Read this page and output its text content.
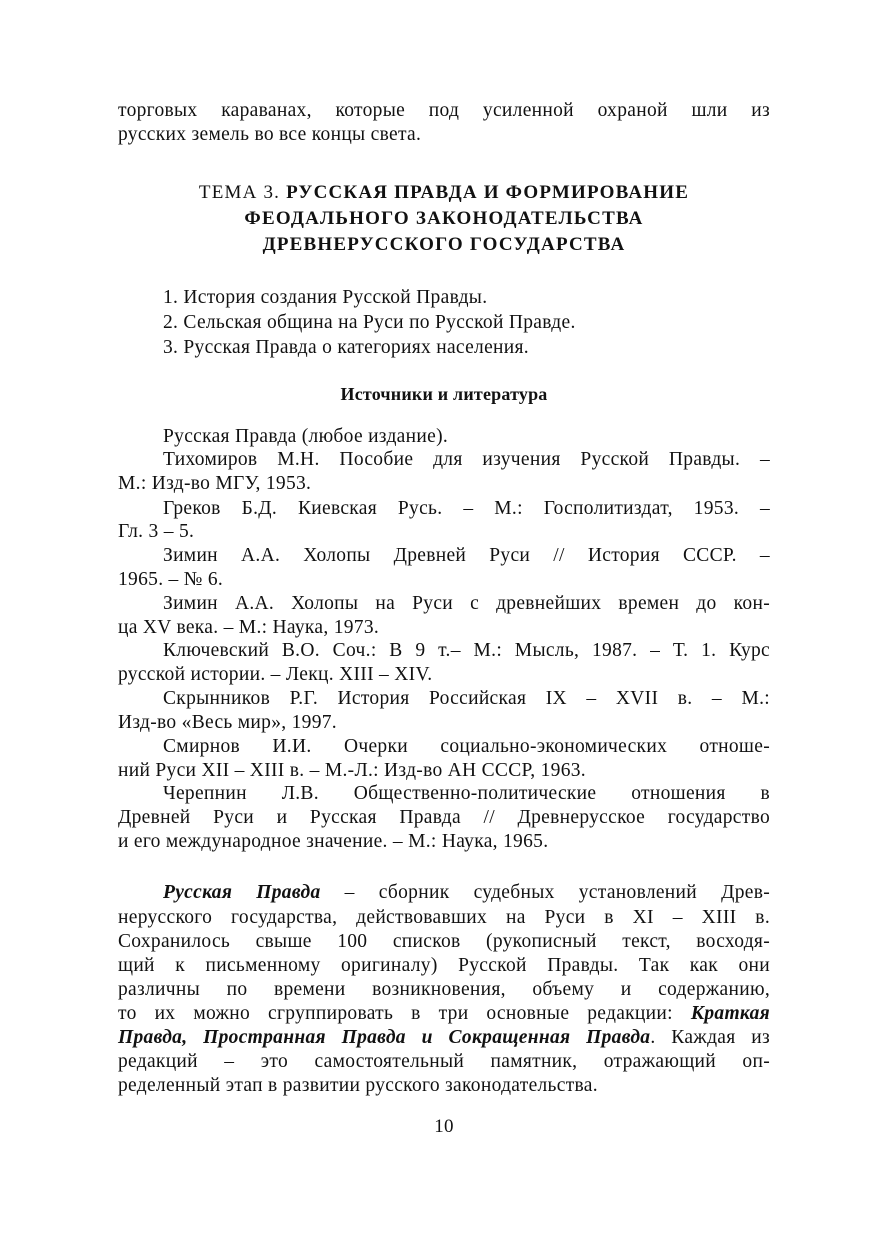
торговых караванах, которые под усиленной охраной шли из
русских земель во все концы света.
ТЕМА 3. РУССКАЯ ПРАВДА И ФОРМИРОВАНИЕ
ФЕОДАЛЬНОГО ЗАКОНОДАТЕЛЬСТВА
ДРЕВНЕРУССКОГО ГОСУДАРСТВА
1. История создания Русской Правды.
2. Сельская община на Руси по Русской Правде.
3. Русская Правда о категориях населения.
Источники и литература
Русская Правда (любое издание).
Тихомиров М.Н. Пособие для изучения Русской Правды. –
М.: Изд-во МГУ, 1953.
Греков Б.Д. Киевская Русь. – М.: Госполитиздат, 1953. –
Гл. 3 – 5.
Зимин А.А. Холопы Древней Руси // История СССР. –
1965. – № 6.
Зимин А.А. Холопы на Руси с древнейших времен до кон-
ца XV века. – М.: Наука, 1973.
Ключевский В.О. Соч.: В 9 т.– М.: Мысль, 1987. – Т. 1. Курс
русской истории. – Лекц. XIII – XIV.
Скрынников Р.Г. История Российская IX – XVII в. – М.:
Изд-во «Весь мир», 1997.
Смирнов И.И. Очерки социально-экономических отноше-
ний Руси XII – XIII в. – М.-Л.: Изд-во АН СССР, 1963.
Черепнин Л.В. Общественно-политические отношения в
Древней Руси и Русская Правда // Древнерусское государство
и его международное значение. – М.: Наука, 1965.
Русская Правда – сборник судебных установлений Древ-
нерусского государства, действовавших на Руси в XI – XIII в.
Сохранилось свыше 100 списков (рукописный текст, восходя-
щий к письменному оригиналу) Русской Правды. Так как они
различны по времени возникновения, объему и содержанию,
то их можно сгруппировать в три основные редакции: Краткая
Правда, Пространная Правда и Сокращенная Правда. Каждая из
редакций – это самостоятельный памятник, отражающий оп-
ределенный этап в развитии русского законодательства.
10
